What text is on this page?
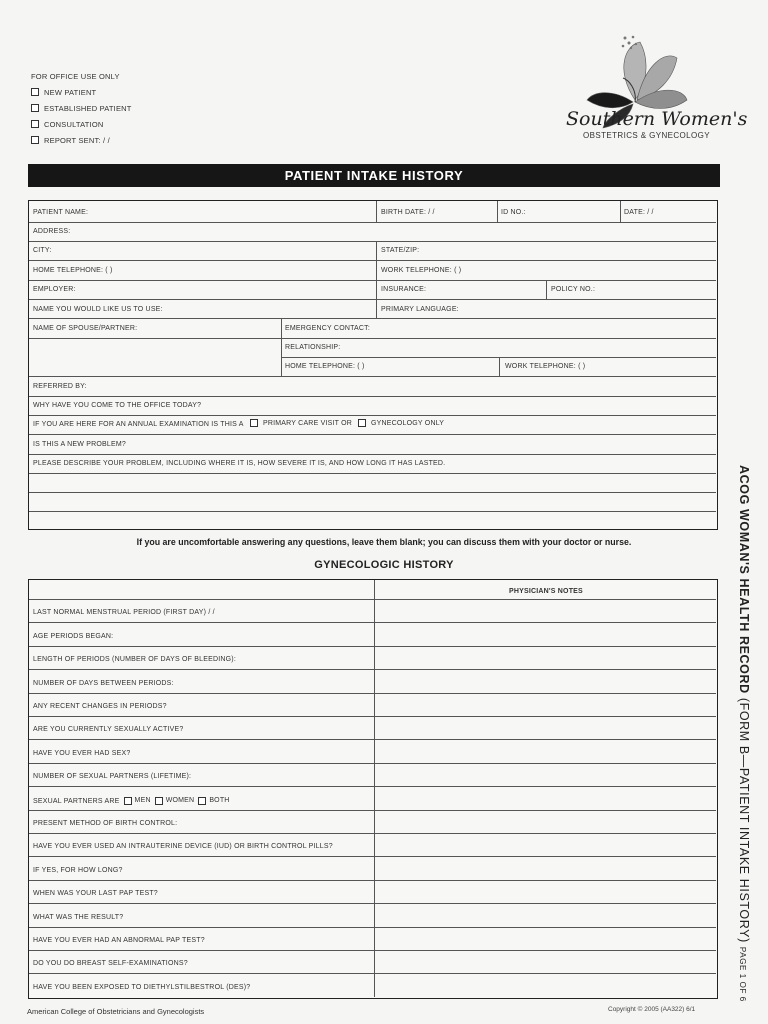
FOR OFFICE USE ONLY
NEW PATIENT
ESTABLISHED PATIENT
CONSULTATION
REPORT SENT: / /
Southern Women's
OBSTETRICS & GYNECOLOGY
PATIENT INTAKE HISTORY
PATIENT NAME:	BIRTH DATE: / /	ID NO.:	DATE: / /
ADDRESS:
CITY:	STATE/ZIP:
HOME TELEPHONE: ( )	WORK TELEPHONE: ( )
EMPLOYER:	INSURANCE:	POLICY NO.:
NAME YOU WOULD LIKE US TO USE:	PRIMARY LANGUAGE:
NAME OF SPOUSE/PARTNER:	EMERGENCY CONTACT:
RELATIONSHIP:
HOME TELEPHONE: ( )	WORK TELEPHONE: ( )
REFERRED BY:
WHY HAVE YOU COME TO THE OFFICE TODAY?
IF YOU ARE HERE FOR AN ANNUAL EXAMINATION IS THIS A	PRIMARY CARE VISIT OR	GYNECOLOGY ONLY
IS THIS A NEW PROBLEM?
PLEASE DESCRIBE YOUR PROBLEM, INCLUDING WHERE IT IS, HOW SEVERE IT IS, AND HOW LONG IT HAS LASTED.
If you are uncomfortable answering any questions, leave them blank; you can discuss them with your doctor or nurse.
GYNECOLOGIC HISTORY
PHYSICIAN'S NOTES
LAST NORMAL MENSTRUAL PERIOD (FIRST DAY) / /
AGE PERIODS BEGAN:
LENGTH OF PERIODS (NUMBER OF DAYS OF BLEEDING):
NUMBER OF DAYS BETWEEN PERIODS:
ANY RECENT CHANGES IN PERIODS?
ARE YOU CURRENTLY SEXUALLY ACTIVE?
HAVE YOU EVER HAD SEX?
NUMBER OF SEXUAL PARTNERS (LIFETIME):
SEXUAL PARTNERS ARE MEN WOMEN BOTH
PRESENT METHOD OF BIRTH CONTROL:
HAVE YOU EVER USED AN INTRAUTERINE DEVICE (IUD) OR BIRTH CONTROL PILLS?
IF YES, FOR HOW LONG?
WHEN WAS YOUR LAST PAP TEST?
WHAT WAS THE RESULT?
HAVE YOU EVER HAD AN ABNORMAL PAP TEST?
DO YOU DO BREAST SELF-EXAMINATIONS?
HAVE YOU BEEN EXPOSED TO DIETHYLSTILBESTROL (DES)?
ACOG WOMAN'S HEALTH RECORD (FORM B—PATIENT INTAKE HISTORY) PAGE 1 OF 6
American College of Obstetricians and Gynecologists	Copyright © 2005 (AA322) 6/1
